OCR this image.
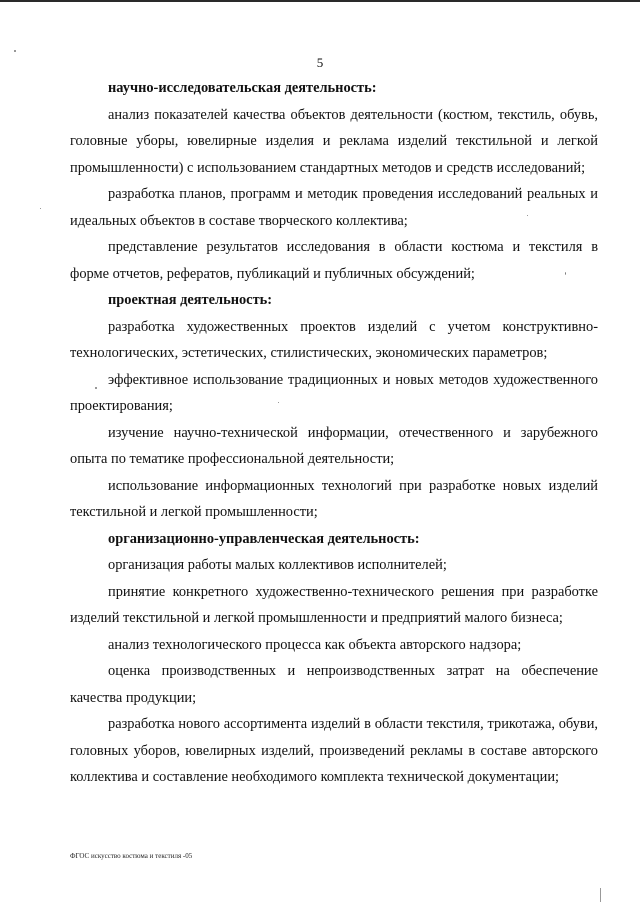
5

научно-исследовательская деятельность:

анализ показателей качества объектов деятельности (костюм, текстиль, обувь, головные уборы, ювелирные изделия и реклама изделий текстильной и легкой промышленности) с использованием стандартных методов и средств исследований;

разработка планов, программ и методик проведения исследований реальных и идеальных объектов в составе творческого коллектива;

представление результатов исследования в области костюма и текстиля в форме отчетов, рефератов, публикаций и публичных обсуждений;

проектная деятельность:

разработка художественных проектов изделий с учетом конструктивно-технологических, эстетических, стилистических, экономических параметров;

эффективное использование традиционных и новых методов художественного проектирования;

изучение научно-технической информации, отечественного и зарубежного опыта по тематике профессиональной деятельности;

использование информационных технологий при разработке новых изделий текстильной и легкой промышленности;

организационно-управленческая деятельность:

организация работы малых коллективов исполнителей;

принятие конкретного художественно-технического решения при разработке изделий текстильной и легкой промышленности и предприятий малого бизнеса;

анализ технологического процесса как объекта авторского надзора;

оценка производственных и непроизводственных затрат на обеспечение качества продукции;

разработка нового ассортимента изделий в области текстиля, трикотажа, обуви, головных уборов, ювелирных изделий, произведений рекламы в составе авторского коллектива и составление необходимого комплекта технической документации;

ФГОС искусство костюма и текстиля -05
